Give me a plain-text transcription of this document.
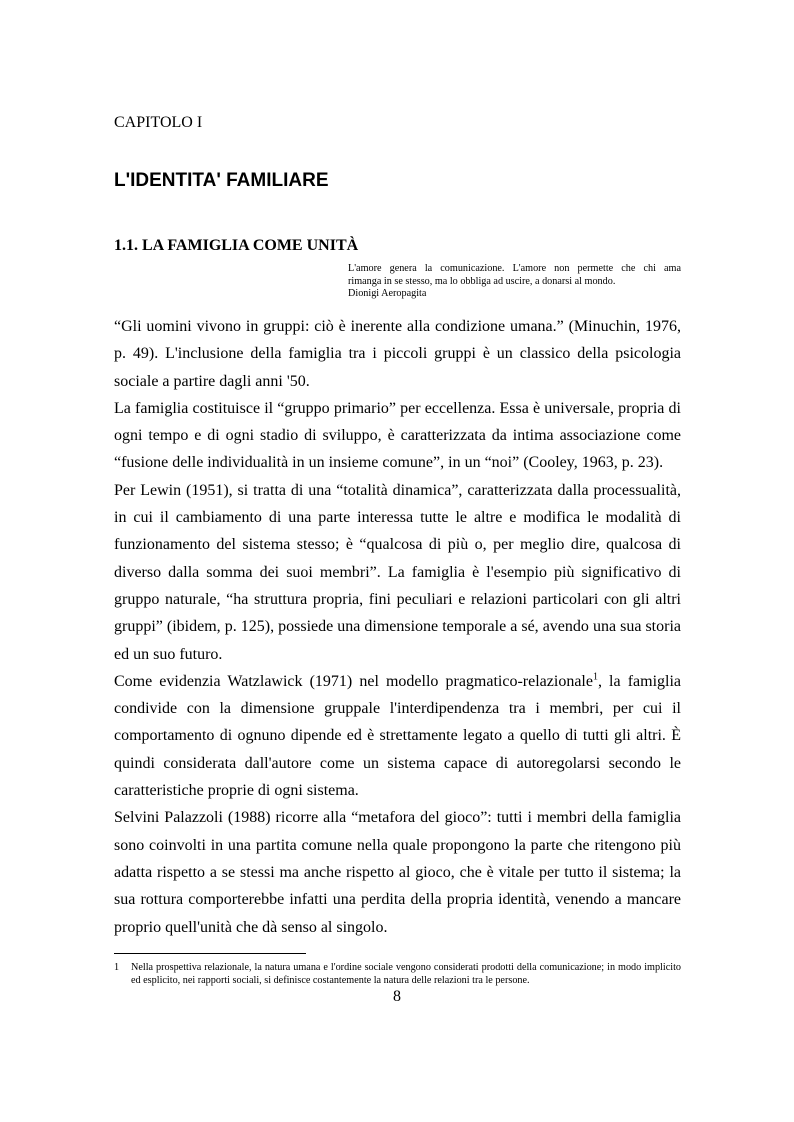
CAPITOLO I
L'IDENTITA' FAMILIARE
1.1. LA FAMIGLIA COME UNITÀ
L'amore genera la comunicazione. L'amore non permette che chi ama
rimanga in se stesso, ma lo obbliga ad uscire, a donarsi al mondo.
Dionigi Aeropagita

“Gli uomini vivono in gruppi: ciò è inerente alla condizione umana.” (Minuchin, 1976, p. 49). L'inclusione della famiglia tra i piccoli gruppi è un classico della psicologia sociale a partire dagli anni '50.

La famiglia costituisce il “gruppo primario” per eccellenza. Essa è universale, propria di ogni tempo e di ogni stadio di sviluppo, è caratterizzata da intima associazione come “fusione delle individualità in un insieme comune”, in un “noi” (Cooley, 1963, p. 23).

Per Lewin (1951), si tratta di una “totalità dinamica”, caratterizzata dalla processualità, in cui il cambiamento di una parte interessa tutte le altre e modifica le modalità di funzionamento del sistema stesso; è “qualcosa di più o, per meglio dire, qualcosa di diverso dalla somma dei suoi membri”. La famiglia è l'esempio più significativo di gruppo naturale, “ha struttura propria, fini peculiari e relazioni particolari con gli altri gruppi” (ibidem, p. 125), possiede una dimensione temporale a sé, avendo una sua storia ed un suo futuro.

Come evidenzia Watzlawick (1971) nel modello pragmatico-relazionale$^1$, la famiglia condivide con la dimensione gruppale l'interdipendenza tra i membri, per cui il comportamento di ognuno dipende ed è strettamente legato a quello di tutti gli altri. È quindi considerata dall'autore come un sistema capace di autoregolarsi secondo le caratteristiche proprie di ogni sistema.

Selvini Palazzoli (1988) ricorre alla “metafora del gioco”: tutti i membri della famiglia sono coinvolti in una partita comune nella quale propongono la parte che ritengono più adatta rispetto a se stessi ma anche rispetto al gioco, che è vitale per tutto il sistema; la sua rottura comporterebbe infatti una perdita della propria identità, venendo a mancare proprio quell'unità che dà senso al singolo.

1 Nella prospettiva relazionale, la natura umana e l'ordine sociale vengono considerati prodotti della comunicazione; in modo implicito ed esplicito, nei rapporti sociali, si definisce costantemente la natura delle relazioni tra le persone.
8
